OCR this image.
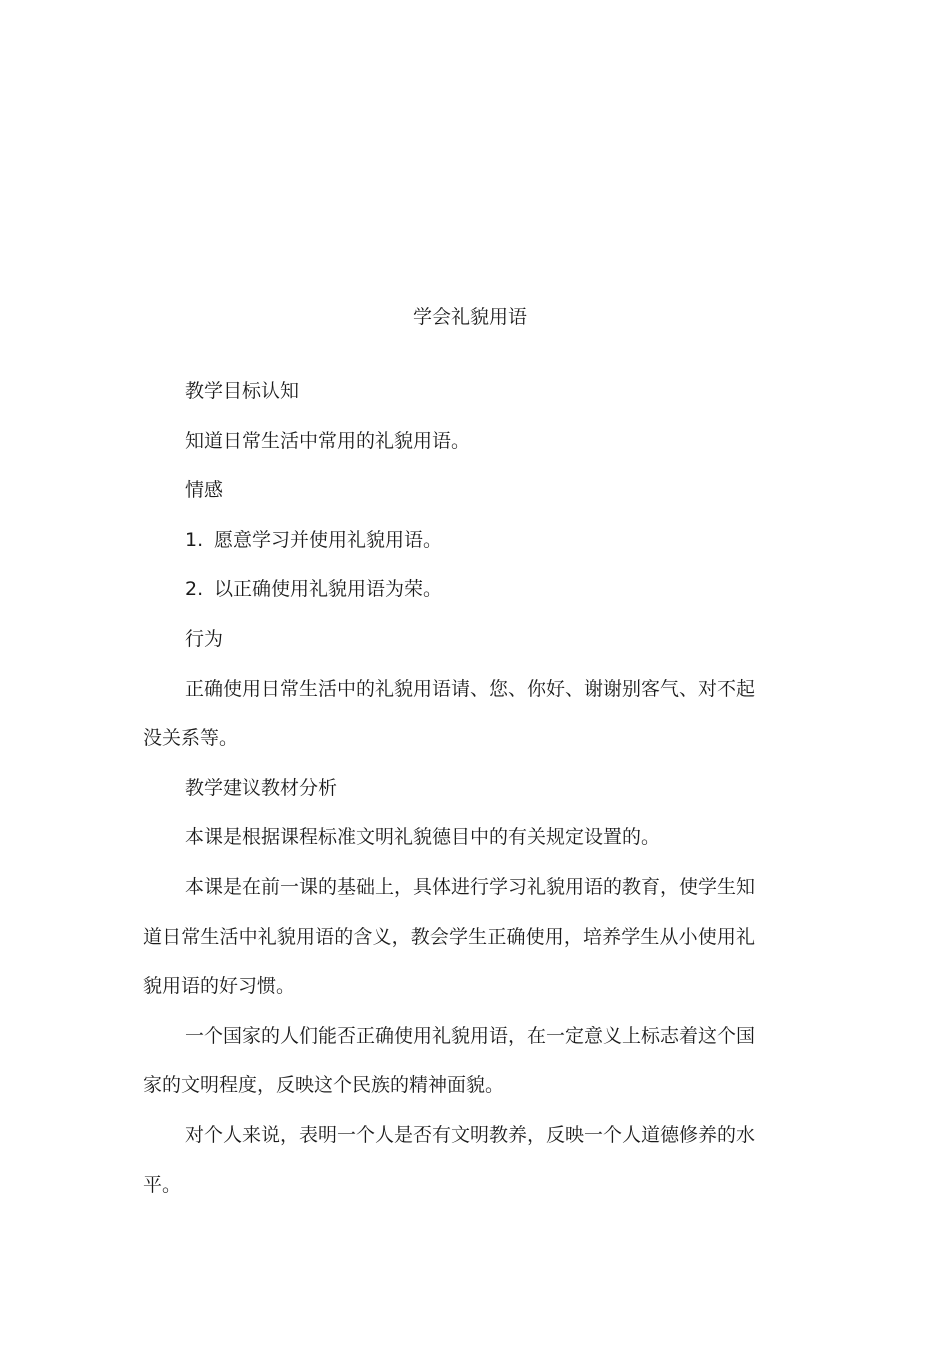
学会礼貌用语

教学目标认知

知道日常生活中常用的礼貌用语。

情感

1. 愿意学习并使用礼貌用语。

2. 以正确使用礼貌用语为荣。

行为

正确使用日常生活中的礼貌用语请、您、你好、谢谢别客气、对不起没关系等。

教学建议教材分析

本课是根据课程标准文明礼貌德目中的有关规定设置的。

本课是在前一课的基础上，具体进行学习礼貌用语的教育，使学生知道日常生活中礼貌用语的含义，教会学生正确使用，培养学生从小使用礼貌用语的好习惯。

一个国家的人们能否正确使用礼貌用语，在一定意义上标志着这个国家的文明程度，反映这个民族的精神面貌。

对个人来说，表明一个人是否有文明教养，反映一个人道德修养的水平。
